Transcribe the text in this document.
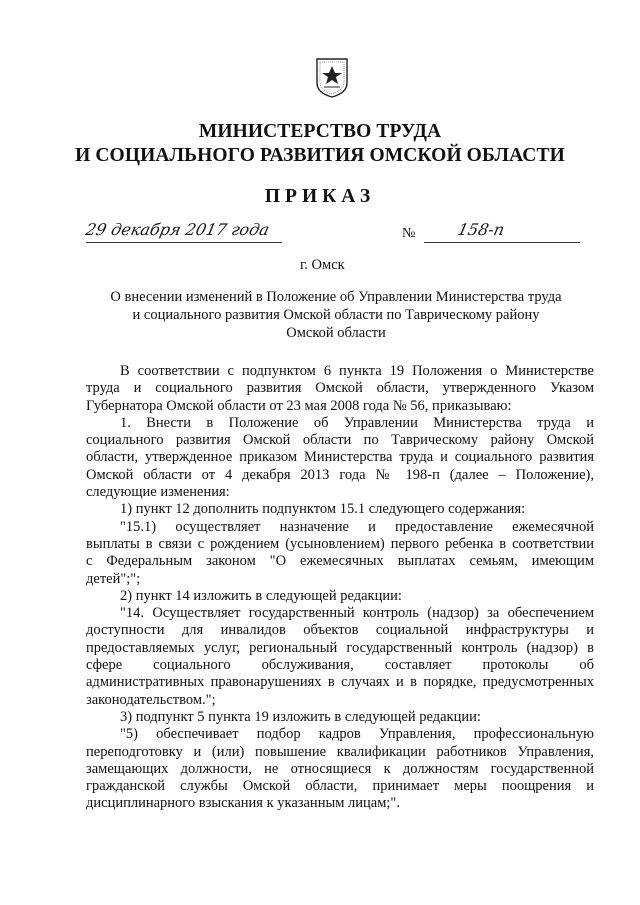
МИНИСТЕРСТВО ТРУДА

И СОЦИАЛЬНОГО РАЗВИТИЯ ОМСКОЙ ОБЛАСТИ

ПРИКАЗ

29 декабря 2017 года	№	158-п
г. Омск
О внесении изменений в Положение об Управлении Министерства труда
и социального развития Омской области по Таврическому району
Омской области
В соответствии с подпунктом 6 пункта 19 Положения о Министерстве
труда и социального развития Омской области, утвержденного Указом
Губернатора Омской области от 23 мая 2008 года № 56, приказываю:
1. Внести в Положение об Управлении Министерства труда и
социального развития Омской области по Таврическому району Омской
области, утвержденное приказом Министерства труда и социального развития
Омской области от 4 декабря 2013 года № 198-п (далее – Положение),
следующие изменения:
1) пункт 12 дополнить подпунктом 15.1 следующего содержания:
"15.1) осуществляет назначение и предоставление ежемесячной
выплаты в связи с рождением (усыновлением) первого ребенка в соответствии
с Федеральным законом "О ежемесячных выплатах семьям, имеющим
детей";";
2) пункт 14 изложить в следующей редакции:
"14. Осуществляет государственный контроль (надзор) за обеспечением
доступности для инвалидов объектов социальной инфраструктуры и
предоставляемых услуг, региональный государственный контроль (надзор) в
сфере социального обслуживания, составляет протоколы об
административных правонарушениях в случаях и в порядке, предусмотренных
законодательством.";
3) подпункт 5 пункта 19 изложить в следующей редакции:
"5) обеспечивает подбор кадров Управления, профессиональную
переподготовку и (или) повышение квалификации работников Управления,
замещающих должности, не относящиеся к должностям государственной
гражданской службы Омской области, принимает меры поощрения и
дисциплинарного взыскания к указанным лицам;".
